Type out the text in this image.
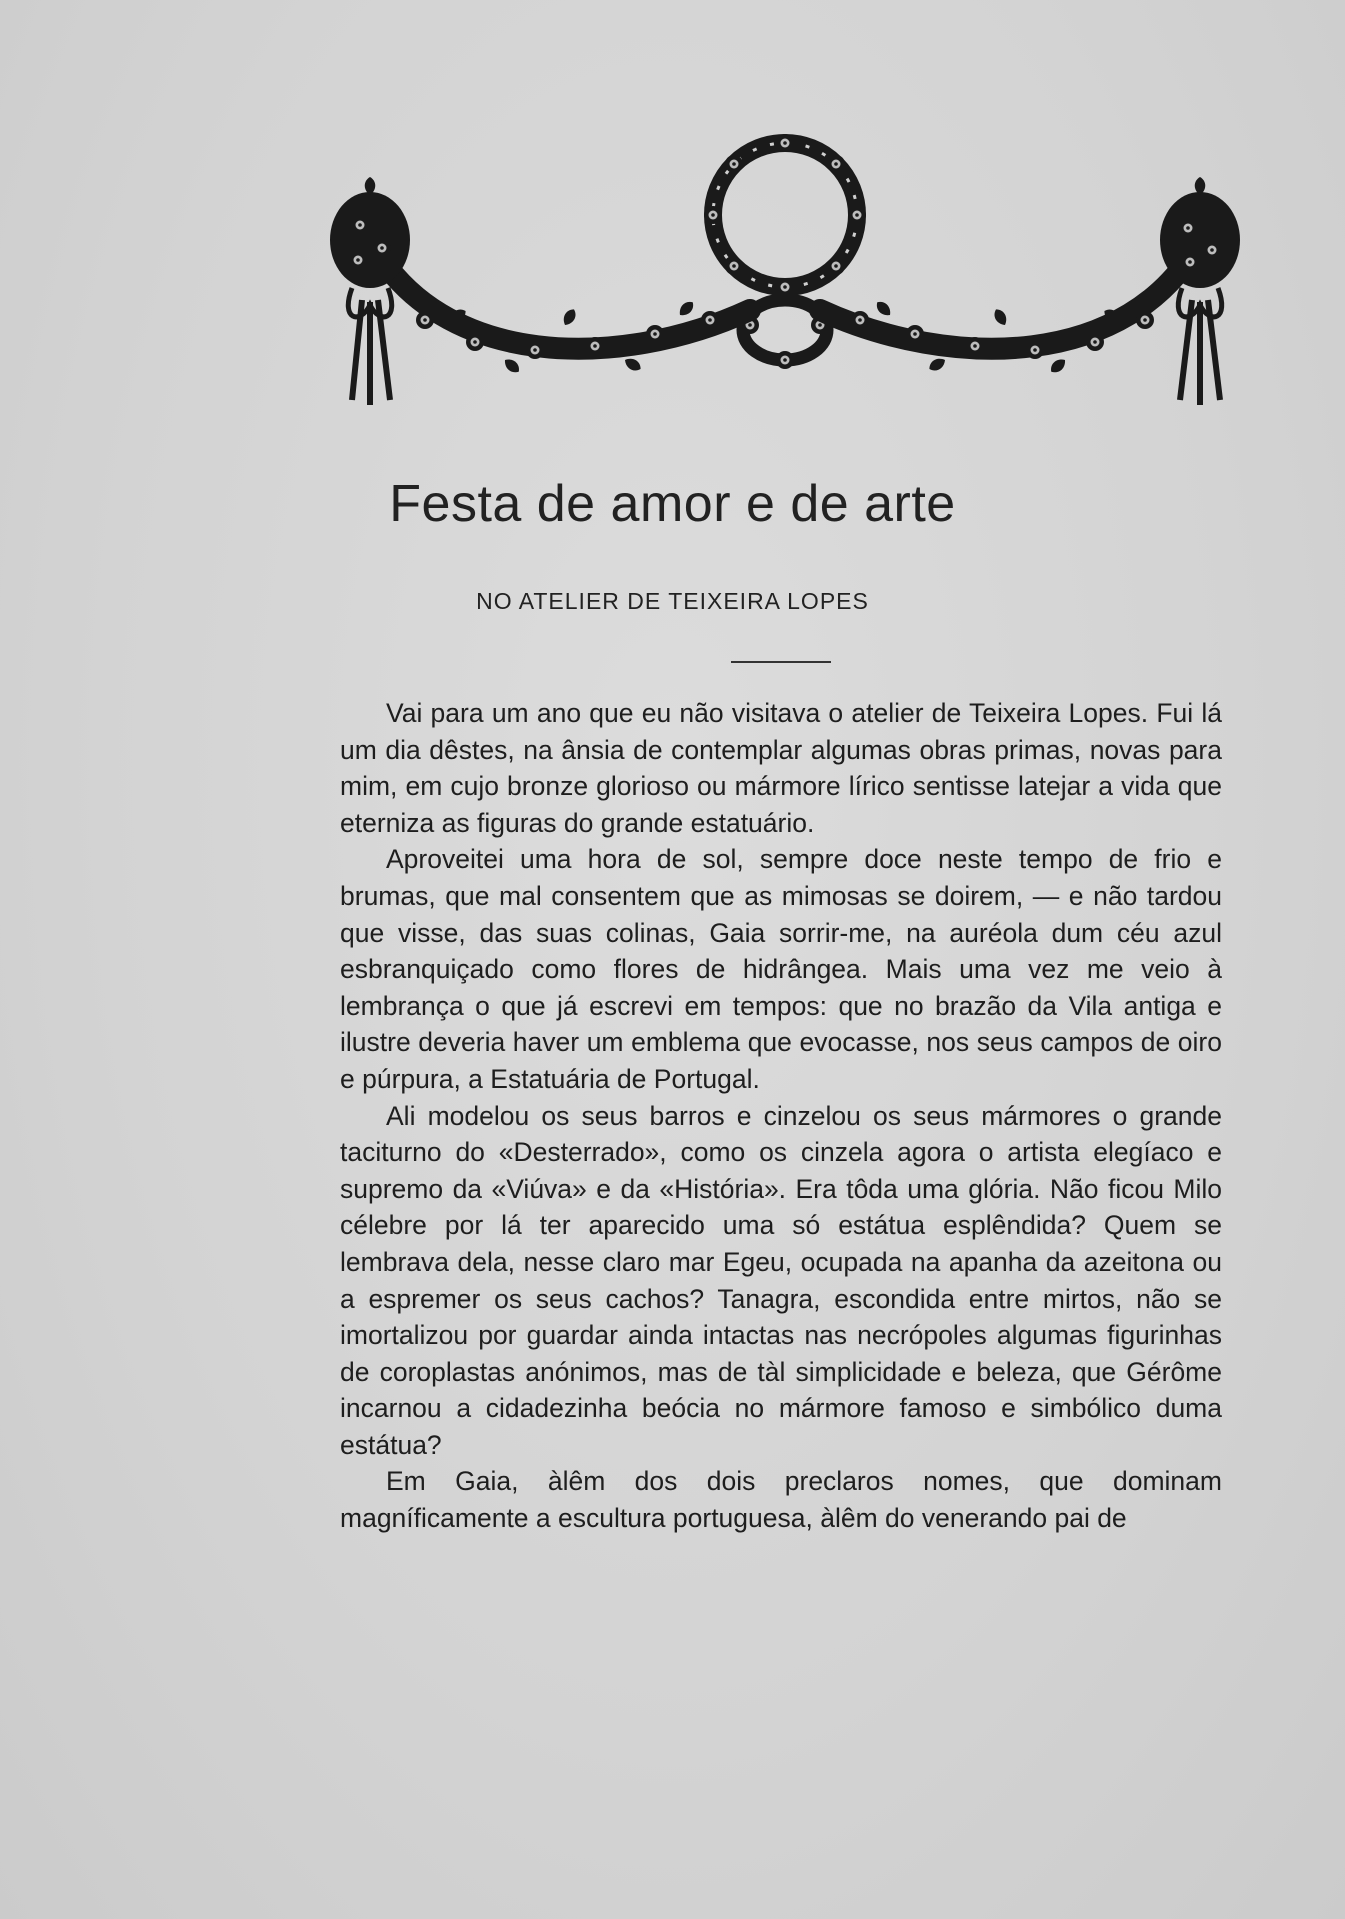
Festa de amor e de arte
NO ATELIER DE TEIXEIRA LOPES

Vai para um ano que eu não visitava o atelier de Teixeira Lopes. Fui lá um dia dêstes, na ânsia de contemplar algumas obras primas, novas para mim, em cujo bronze glorioso ou mármore lírico sentisse latejar a vida que eterniza as figuras do grande estatuário.

Aproveitei uma hora de sol, sempre doce neste tempo de frio e brumas, que mal consentem que as mimosas se doirem, — e não tardou que visse, das suas colinas, Gaia sorrir-me, na auréola dum céu azul esbranquiçado como flores de hidrângea. Mais uma vez me veio à lembrança o que já escrevi em tempos: que no brazão da Vila antiga e ilustre deveria haver um emblema que evocasse, nos seus campos de oiro e púrpura, a Estatuária de Portugal.

Ali modelou os seus barros e cinzelou os seus mármores o grande taciturno do «Desterrado», como os cinzela agora o artista elegíaco e supremo da «Viúva» e da «História». Era tôda uma glória. Não ficou Milo célebre por lá ter aparecido uma só estátua esplêndida? Quem se lembrava dela, nesse claro mar Egeu, ocupada na apanha da azeitona ou a espremer os seus cachos? Tanagra, escondida entre mirtos, não se imortalizou por guardar ainda intactas nas necrópoles algumas figurinhas de coroplastas anónimos, mas de tàl simplicidade e beleza, que Gérôme incarnou a cidadezinha beócia no mármore famoso e simbólico duma estátua?

Em Gaia, àlêm dos dois preclaros nomes, que dominam magníficamente a escultura portuguesa, àlêm do venerando pai de
